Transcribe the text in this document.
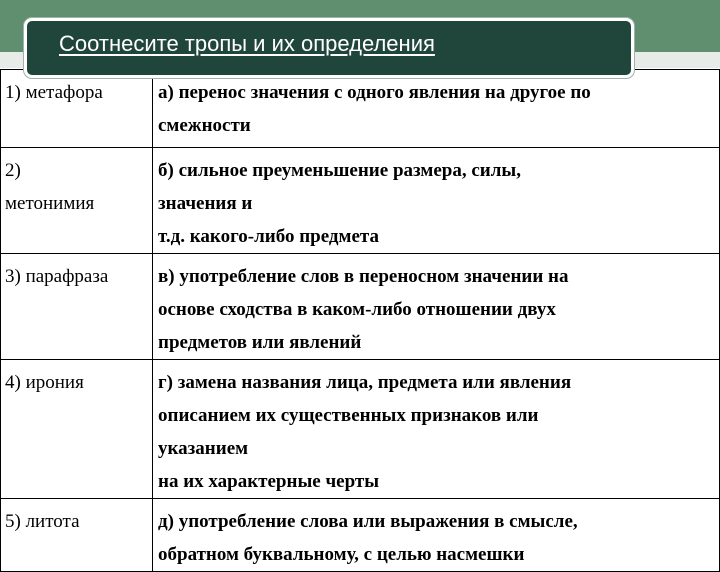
Соотнесите тропы и их определения
1) метафора	а) перенос значения с одного явления на другое по
смежности

2)
метонимия	б) сильное преуменьшение размера, силы,
значения и
т.д. какого-либо предмета

3) парафраза	в) употребление слов в переносном значении на
основе сходства в каком-либо отношении двух
предметов или явлений

4) ирония	г) замена названия лица, предмета или явления
описанием их существенных признаков или
указанием
на их характерные черты

5) литота	д) употребление слова или выражения в смысле,
обратном буквальному, с целью насмешки
